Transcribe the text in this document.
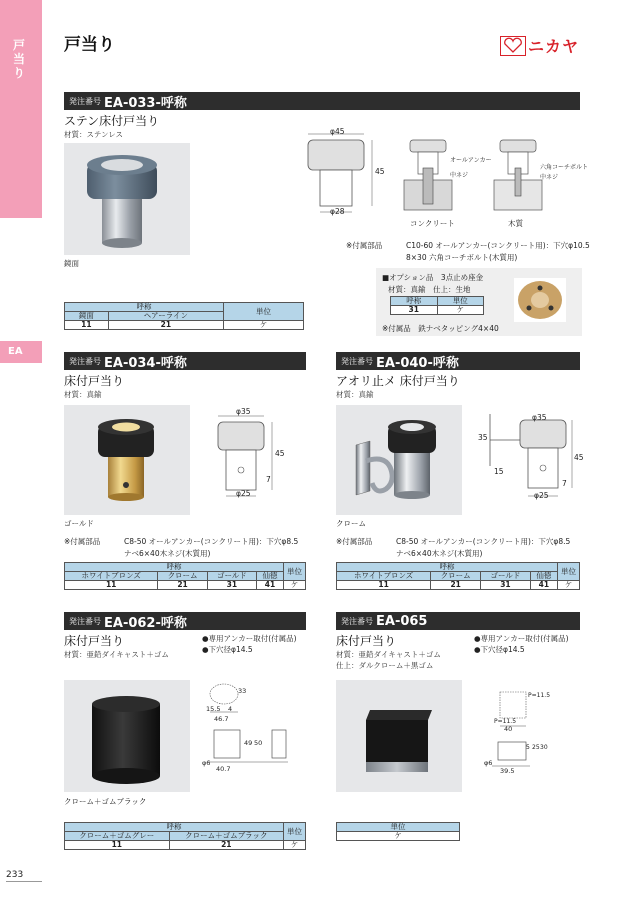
戸
当
り
EA
戸当り	ニカヤ
発注番号 EA-033-呼称
ステン床付戸当り
材質：ステンレス
鏡面
φ45
φ28
45
オールアンカー
中ネジ
六角コーチボルト
中ネジ
コンクリート	木質
※付属部品	C10-60 オールアンカー(コンクリート用)：下穴φ10.5
8×30 六角コーチボルト(木質用)
■オプション品　3点止め座金
材質：真鍮　仕上：生地
呼称	単位
31	ケ
※付属品　鉄ナベタッピング4×40
呼称		単位
鏡面	ヘアーライン	
11	21	ケ
発注番号 EA-034-呼称
床付戸当り
材質：真鍮
ゴールド
φ35
φ25
45
7
※付属部品	C8-50 オールアンカー(コンクリート用)：下穴φ8.5
ナベ6×40木ネジ(木質用)
呼称				単位
ホワイトブロンズ	クローム	ゴールド	仙徳	
11	21	31	41	ケ
発注番号 EA-040-呼称
アオリ止メ 床付戸当り
材質：真鍮
クローム
φ35
35
15
45
7
φ25
※付属部品	C8-50 オールアンカー(コンクリート用)：下穴φ8.5
ナベ6×40木ネジ(木質用)
呼称				単位
ホワイトブロンズ	クローム	ゴールド	仙徳	
11	21	31	41	ケ
発注番号 EA-062-呼称
床付戸当り
材質：亜鉛ダイキャスト＋ゴム
●専用アンカー取付(付属品)
●下穴径φ14.5
クローム＋ゴムブラック
33
15.5 4
46.7
49 50
φ6
40.7
呼称		単位
クローム＋ゴムグレー	クローム＋ゴムブラック	
11	21	ケ
発注番号 EA-065
床付戸当り
材質：亜鉛ダイキャスト＋ゴム
仕上：ダルクローム＋黒ゴム
●専用アンカー取付(付属品)
●下穴径φ14.5
P=11.5
P=11.5
40
5 25 30
φ6
39.5
単位
ケ
233
